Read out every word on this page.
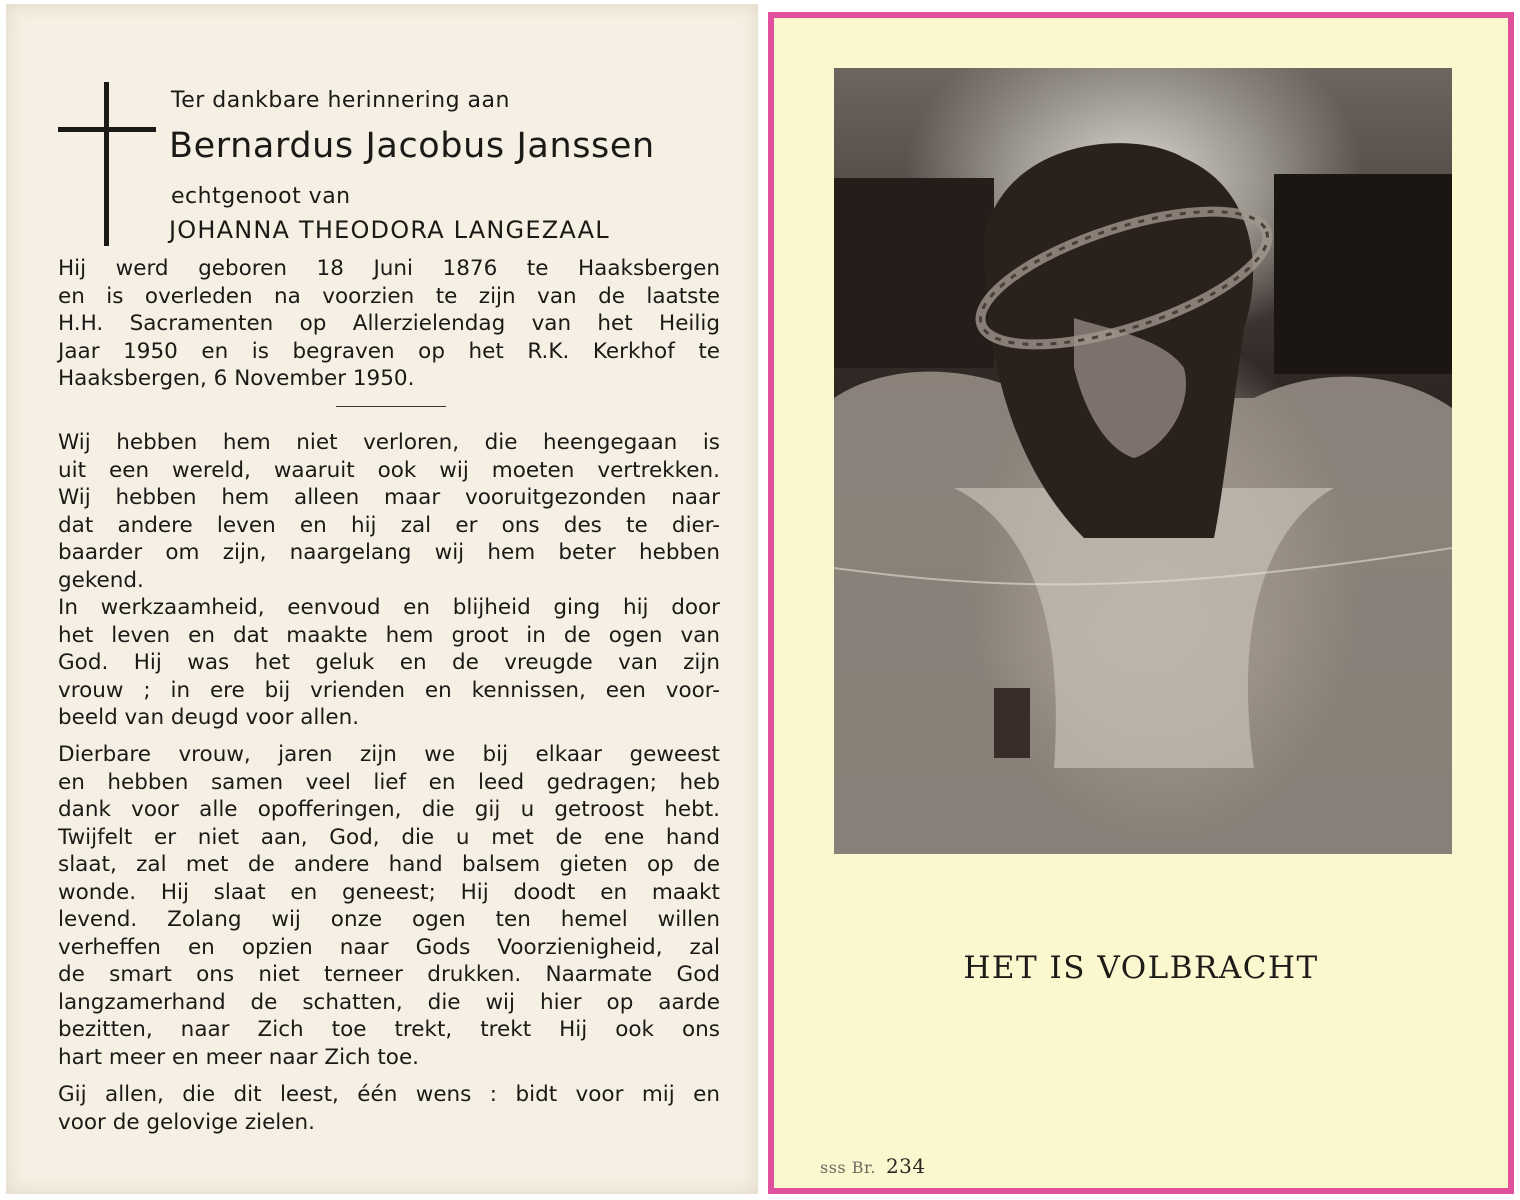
Ter dankbare herinnering aan
Bernardus Jacobus Janssen
echtgenoot van
JOHANNA THEODORA LANGEZAAL
Hij werd geboren 18 Juni 1876 te Haaksbergen
en is overleden na voorzien te zijn van de laatste
H.H. Sacramenten op Allerzielendag van het Heilig
Jaar 1950 en is begraven op het R.K. Kerkhof te
Haaksbergen, 6 November 1950.
Wij hebben hem niet verloren, die heengegaan is
uit een wereld, waaruit ook wij moeten vertrekken.
Wij hebben hem alleen maar vooruitgezonden naar
dat andere leven en hij zal er ons des te dier-
baarder om zijn, naargelang wij hem beter hebben
gekend.
In werkzaamheid, eenvoud en blijheid ging hij door
het leven en dat maakte hem groot in de ogen van
God. Hij was het geluk en de vreugde van zijn
vrouw ; in ere bij vrienden en kennissen, een voor-
beeld van deugd voor allen.
Dierbare vrouw, jaren zijn we bij elkaar geweest
en hebben samen veel lief en leed gedragen; heb
dank voor alle opofferingen, die gij u getroost hebt.
Twijfelt er niet aan, God, die u met de ene hand
slaat, zal met de andere hand balsem gieten op de
wonde. Hij slaat en geneest; Hij doodt en maakt
levend. Zolang wij onze ogen ten hemel willen
verheffen en opzien naar Gods Voorzienigheid, zal
de smart ons niet terneer drukken. Naarmate God
langzamerhand de schatten, die wij hier op aarde
bezitten, naar Zich toe trekt, trekt Hij ook ons
hart meer en meer naar Zich toe.
Gij allen, die dit leest, één wens : bidt voor mij en
voor de gelovige zielen.
HET IS VOLBRACHT
sss Br. 234
